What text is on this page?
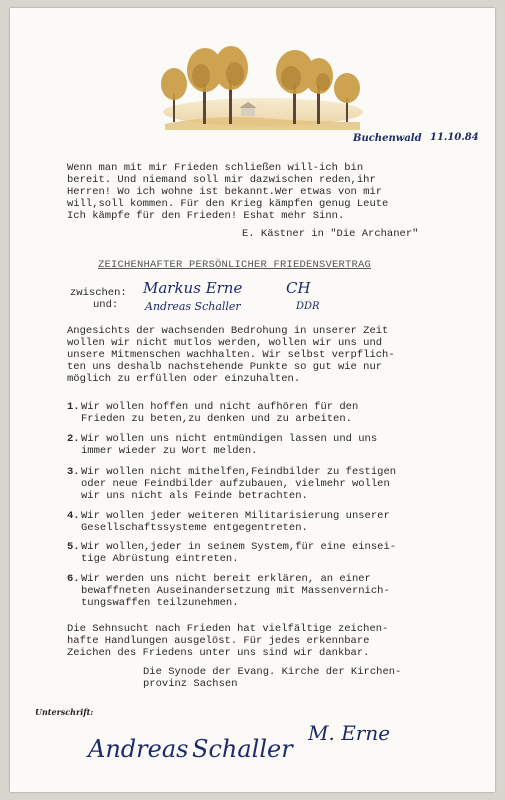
Buchenwald 11.10.84
Wenn man mit mir Frieden schließen will-ich bin
bereit. Und niemand soll mir dazwischen reden,ihr
Herren! Wo ich wohne ist bekannt.Wer etwas von mir
will,soll kommen. Für den Krieg kämpfen genug Leute
Ich kämpfe für den Frieden! Eshat mehr Sinn.
E. Kästner in "Die Archaner"
ZEICHENHAFTER PERSÖNLICHER FRIEDENSVERTRAG
zwischen:
und:
Markus Erne	CH
Andreas Schaller	DDR
Angesichts der wachsenden Bedrohung in unserer Zeit
wollen wir nicht mutlos werden, wollen wir uns und
unsere Mitmenschen wachhalten. Wir selbst verpflich-
ten uns deshalb nachstehende Punkte so gut wie nur
möglich zu erfüllen oder einzuhalten.
1. Wir wollen hoffen und nicht aufhören für den
Frieden zu beten,zu denken und zu arbeiten.
2. Wir wollen uns nicht entmündigen lassen und uns
immer wieder zu Wort melden.
3. Wir wollen nicht mithelfen,Feindbilder zu festigen
oder neue Feindbilder aufzubauen, vielmehr wollen
wir uns nicht als Feinde betrachten.
4. Wir wollen jeder weiteren Militarisierung unserer
Gesellschaftssysteme entgegentreten.
5. Wir wollen,jeder in seinem System,für eine einsei-
tige Abrüstung eintreten.
6. Wir werden uns nicht bereit erklären, an einer
bewaffneten Auseinandersetzung mit Massenvernich-
tungswaffen teilzunehmen.
Die Sehnsucht nach Frieden hat vielfältige zeichen-
hafte Handlungen ausgelöst. Für jedes erkennbare
Zeichen des Friedens unter uns sind wir dankbar.
Die Synode der Evang. Kirche der Kirchen-
provinz Sachsen
Unterschrift:
Andreas Schaller
M. Erne
